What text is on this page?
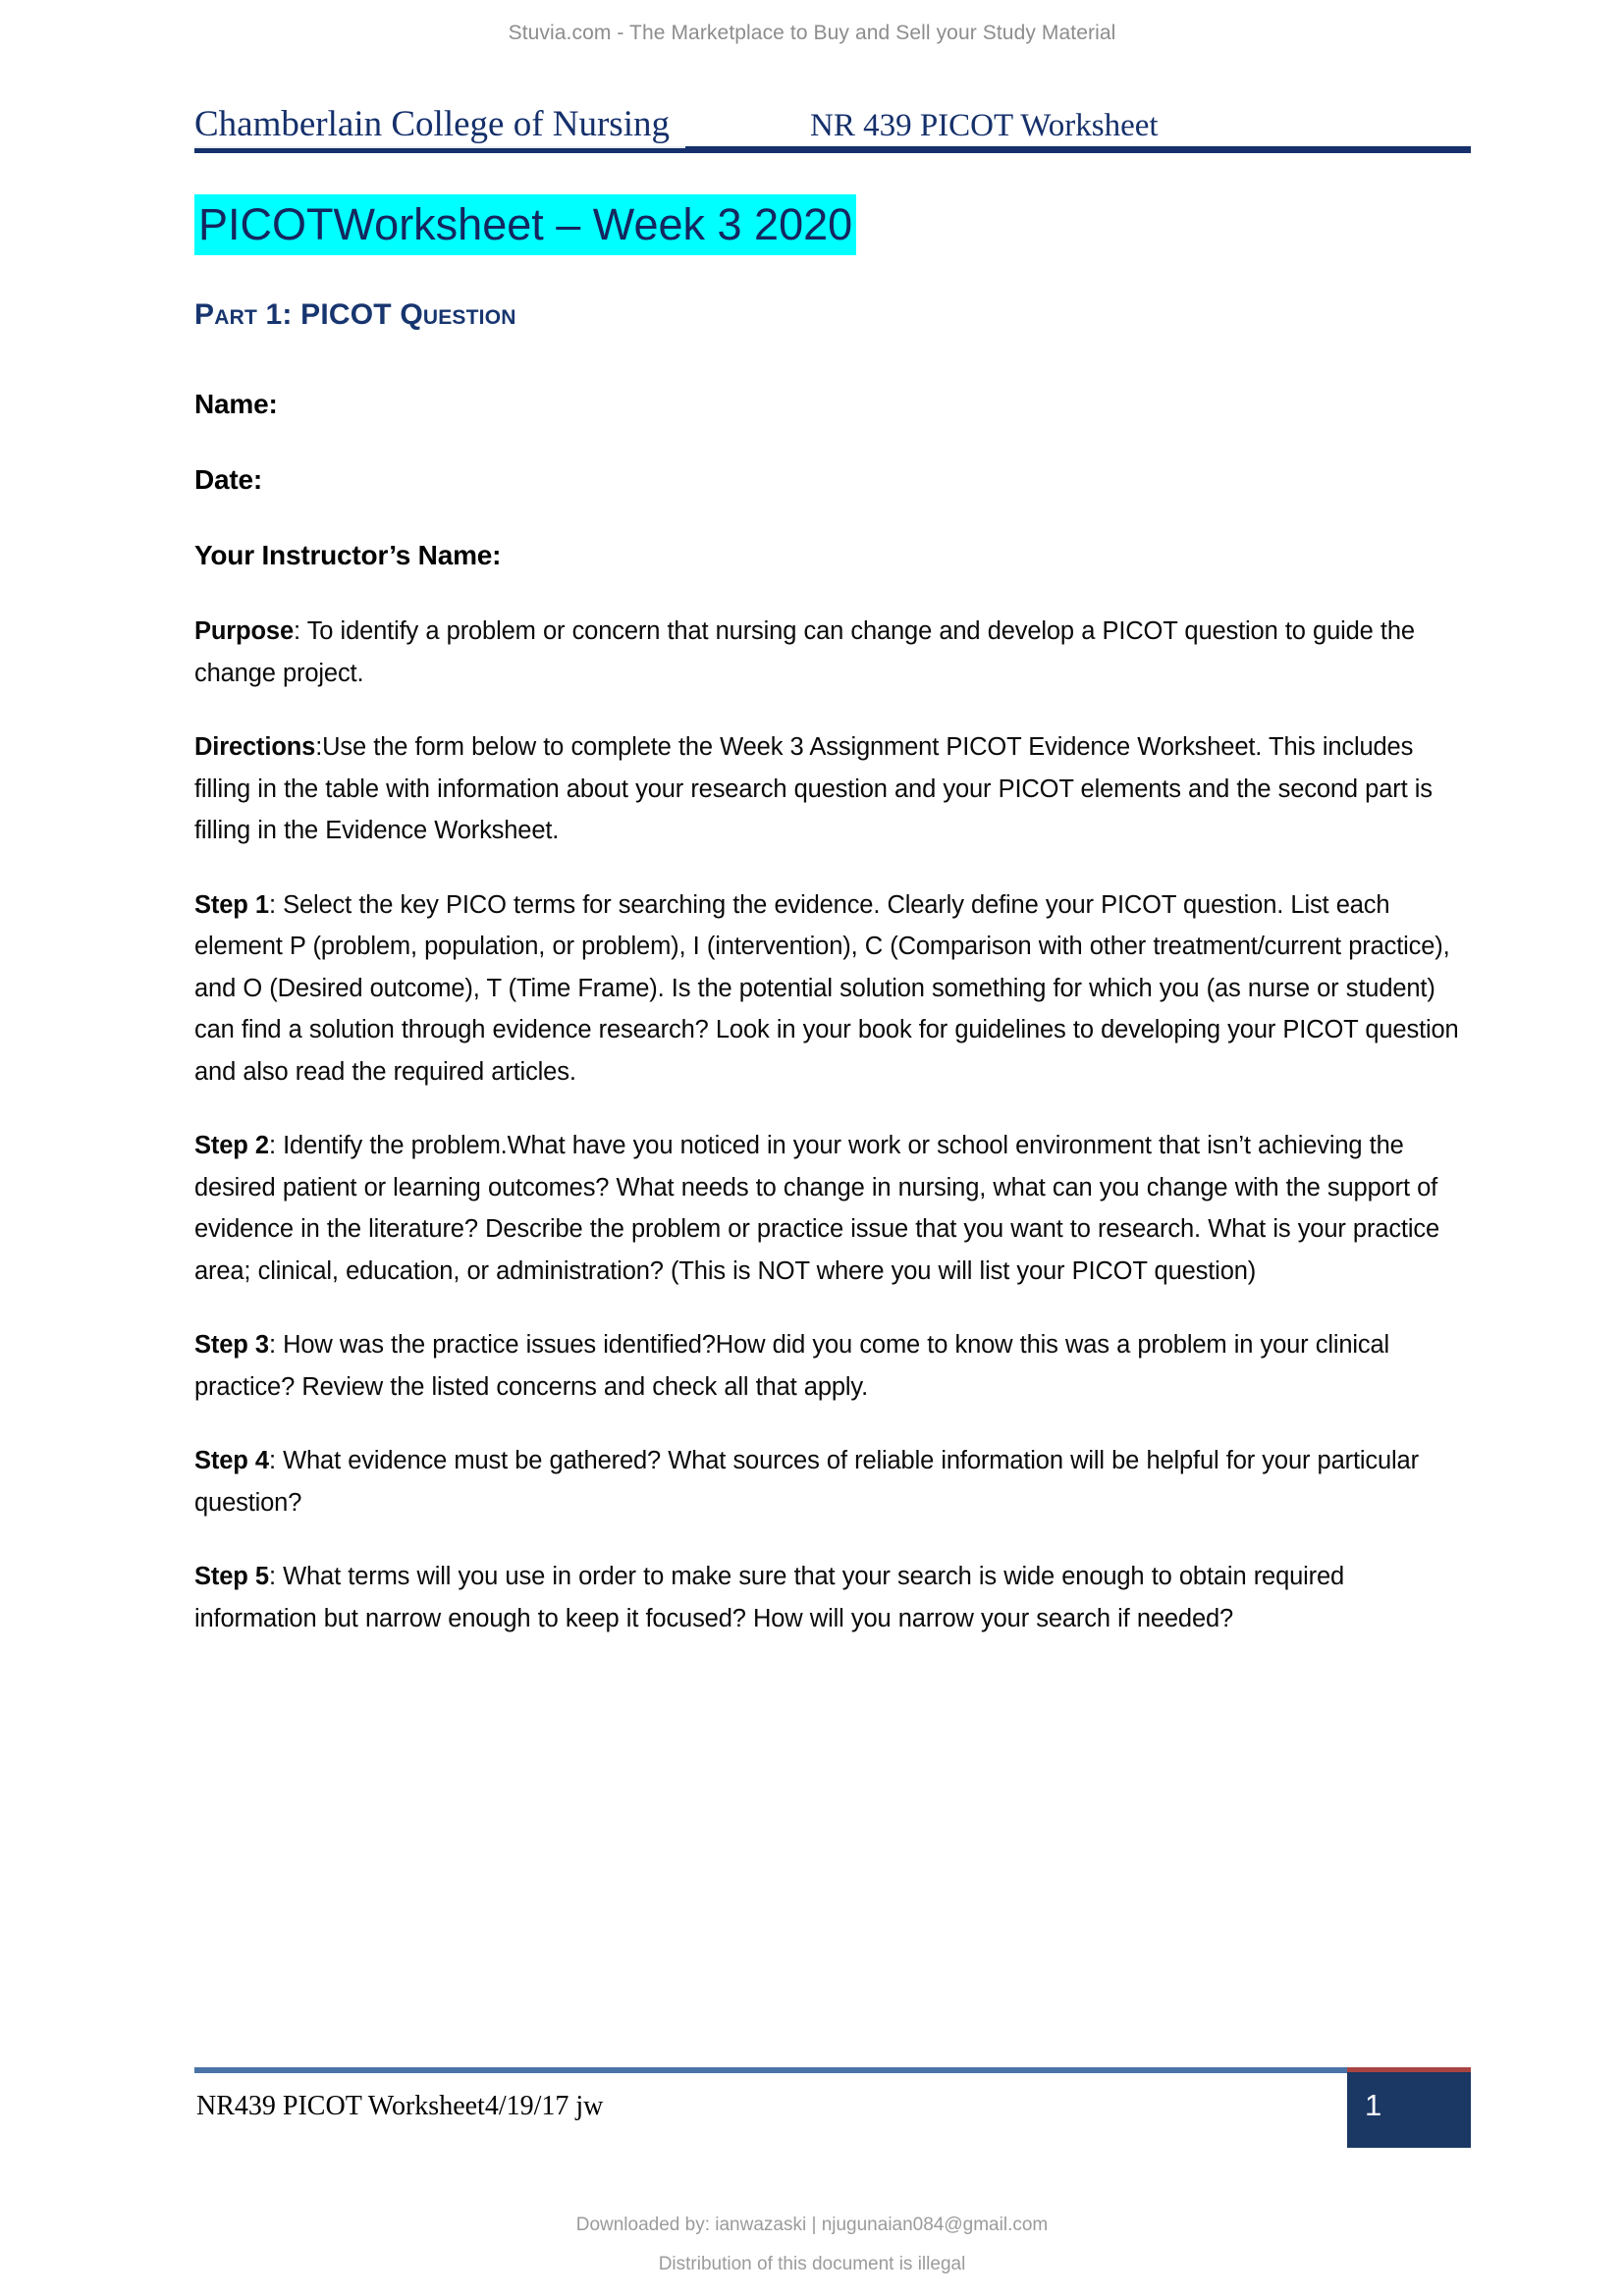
Stuvia.com - The Marketplace to Buy and Sell your Study Material
Chamberlain College of Nursing	NR 439 PICOT Worksheet
PICOTWorksheet – Week 3 2020
Part 1: PICOT Question
Name:
Date:
Your Instructor’s Name:

Purpose: To identify a problem or concern that nursing can change and develop a PICOT question to guide the change project.

Directions:Use the form below to complete the Week 3 Assignment PICOT Evidence Worksheet. This includes filling in the table with information about your research question and your PICOT elements and the second part is filling in the Evidence Worksheet.

Step 1: Select the key PICO terms for searching the evidence. Clearly define your PICOT question. List each element P (problem, population, or problem), I (intervention), C (Comparison with other treatment/current practice), and O (Desired outcome), T (Time Frame). Is the potential solution something for which you (as nurse or student) can find a solution through evidence research? Look in your book for guidelines to developing your PICOT question and also read the required articles.

Step 2: Identify the problem.What have you noticed in your work or school environment that isn’t achieving the desired patient or learning outcomes? What needs to change in nursing, what can you change with the support of evidence in the literature? Describe the problem or practice issue that you want to research. What is your practice area; clinical, education, or administration? (This is NOT where you will list your PICOT question)

Step 3: How was the practice issues identified?How did you come to know this was a problem in your clinical practice? Review the listed concerns and check all that apply.

Step 4: What evidence must be gathered? What sources of reliable information will be helpful for your particular question?

Step 5: What terms will you use in order to make sure that your search is wide enough to obtain required information but narrow enough to keep it focused? How will you narrow your search if needed?

NR439 PICOT Worksheet4/19/17 jw	1
Downloaded by: ianwazaski | njugunaian084@gmail.com
Distribution of this document is illegal
